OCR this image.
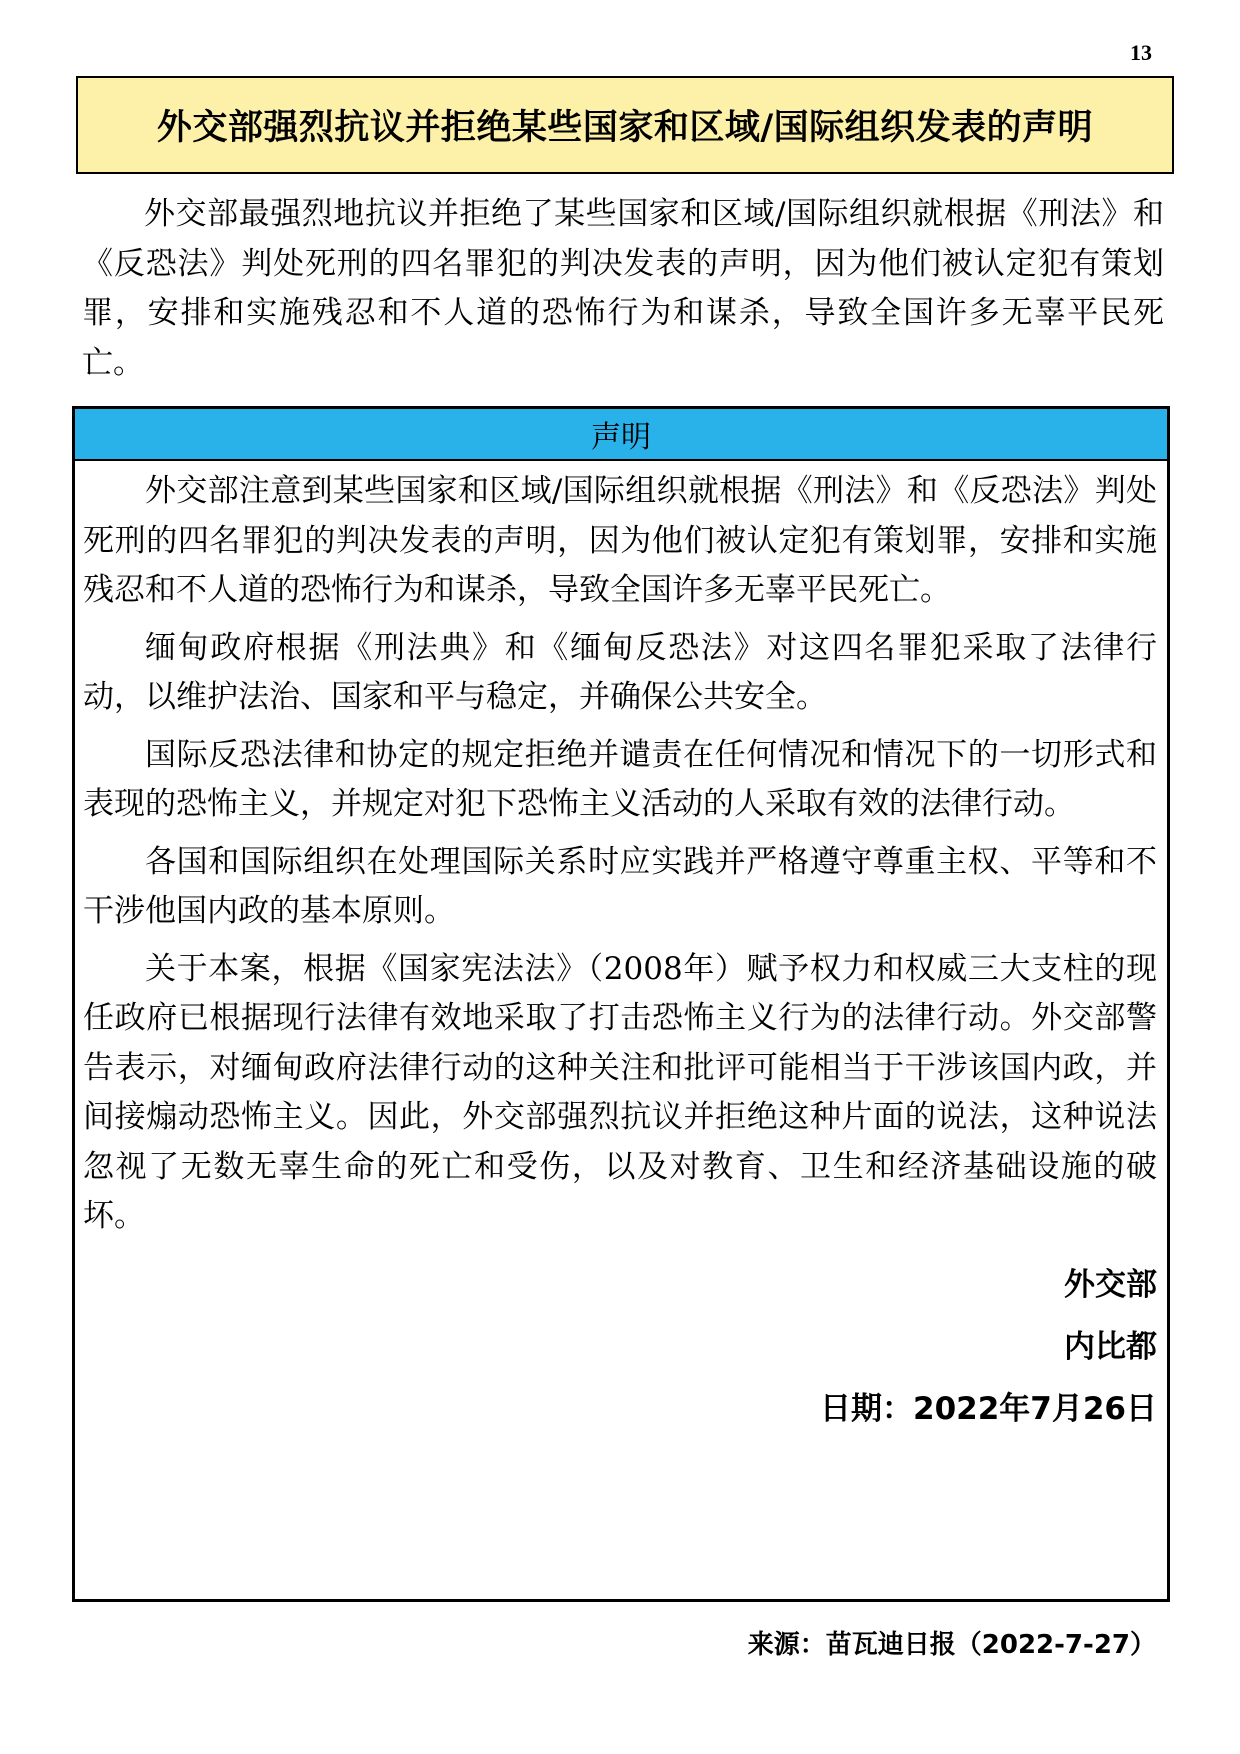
13
外交部强烈抗议并拒绝某些国家和区域/国际组织发表的声明

外交部最强烈地抗议并拒绝了某些国家和区域/国际组织就根据《刑法》和《反恐法》判处死刑的四名罪犯的判决发表的声明，因为他们被认定犯有策划罪，安排和实施残忍和不人道的恐怖行为和谋杀，导致全国许多无辜平民死亡。

声明

外交部注意到某些国家和区域/国际组织就根据《刑法》和《反恐法》判处死刑的四名罪犯的判决发表的声明，因为他们被认定犯有策划罪，安排和实施残忍和不人道的恐怖行为和谋杀，导致全国许多无辜平民死亡。

缅甸政府根据《刑法典》和《缅甸反恐法》对这四名罪犯采取了法律行动，以维护法治、国家和平与稳定，并确保公共安全。

国际反恐法律和协定的规定拒绝并谴责在任何情况和情况下的一切形式和表现的恐怖主义，并规定对犯下恐怖主义活动的人采取有效的法律行动。

各国和国际组织在处理国际关系时应实践并严格遵守尊重主权、平等和不干涉他国内政的基本原则。

关于本案，根据《国家宪法法》（2008年）赋予权力和权威三大支柱的现任政府已根据现行法律有效地采取了打击恐怖主义行为的法律行动。外交部警告表示，对缅甸政府法律行动的这种关注和批评可能相当于干涉该国内政，并间接煽动恐怖主义。因此，外交部强烈抗议并拒绝这种片面的说法，这种说法忽视了无数无辜生命的死亡和受伤，以及对教育、卫生和经济基础设施的破坏。

外交部

内比都

日期：2022年7月26日

来源：苗瓦迪日报（2022-7-27）
